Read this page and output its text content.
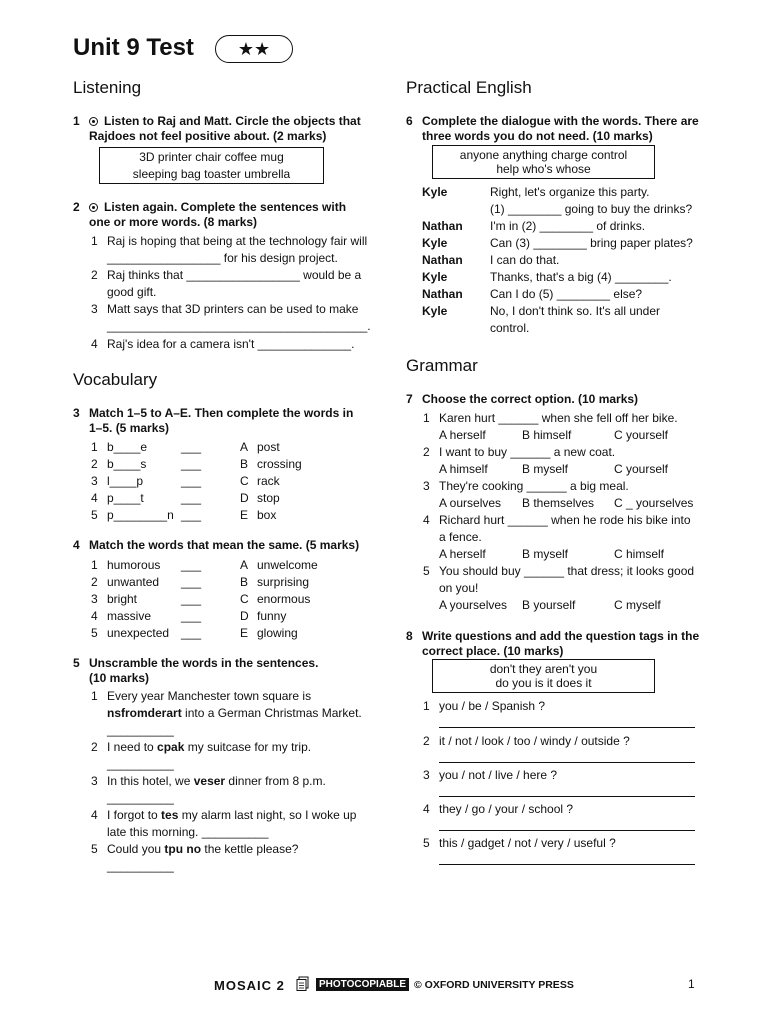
Unit 9 Test	★★
Listening
1	Listen to Raj and Matt. Circle the objects that
Rajdoes not feel positive about. (2 marks)
3D printer chair coffee mug
sleeping bag toaster umbrella
2	Listen again. Complete the sentences with
one or more words. (8 marks)
1 Raj is hoping that being at the technology fair will
_________________ for his design project.
2 Raj thinks that _________________ would be a
good gift.
3 Matt says that 3D printers can be used to make
_______________________________________.
4 Raj's idea for a camera isn't ______________.
Vocabulary
3 Match 1–5 to A–E. Then complete the words in
1–5. (5 marks)
1 b____e	___	A post
2 b____s	___	B crossing
3 l____p	___	C rack
4 p____t	___	D stop
5 p________n ___	E box
4 Match the words that mean the same. (5 marks)
1 humorous ___	A unwelcome
2 unwanted ___	B surprising
3 bright	___	C enormous
4 massive ___	D funny
5 unexpected ___	E glowing
5 Unscramble the words in the sentences.
(10 marks)
1 Every year Manchester town square is
nsfromderart into a German Christmas Market.
__________
2 I need to cpak my suitcase for my trip.
__________
3 In this hotel, we veser dinner from 8 p.m.
__________
4 I forgot to tes my alarm last night, so I woke up
late this morning. __________
5 Could you tpu no the kettle please?
__________
Practical English
6 Complete the dialogue with the words. There are
three words you do not need. (10 marks)
anyone anything charge control
help who's whose
Kyle	Right, let's organize this party.
(1) ________ going to buy the drinks?
Nathan I'm in (2) ________ of drinks.
Kyle	Can (3) ________ bring paper plates?
Nathan I can do that.
Kyle	Thanks, that's a big (4) ________.
Nathan Can I do (5) ________ else?
Kyle	No, I don't think so. It's all under
control.
Grammar
7 Choose the correct option. (10 marks)
1 Karen hurt ______ when she fell off her bike.
A herself	B himself	C yourself
2 I want to buy ______ a new coat.
A himself	B myself	C yourself
3 They're cooking ______ a big meal.
A ourselves B themselves C _ yourselves
4 Richard hurt ______ when he rode his bike into
a fence.
A herself	B myself	C himself
5 You should buy ______ that dress; it looks good
on you!
A yourselves B yourself	C myself
8 Write questions and add the question tags in the
correct place. (10 marks)
don't they aren't you
do you is it does it
1 you / be / Spanish ?
2 it / not / look / too / windy / outside ?
3 you / not / live / here ?
4 they / go / your / school ?
5 this / gadget / not / very / useful ?
MOSAIC 2	PHOTOCOPIABLE © OXFORD UNIVERSITY PRESS	1
